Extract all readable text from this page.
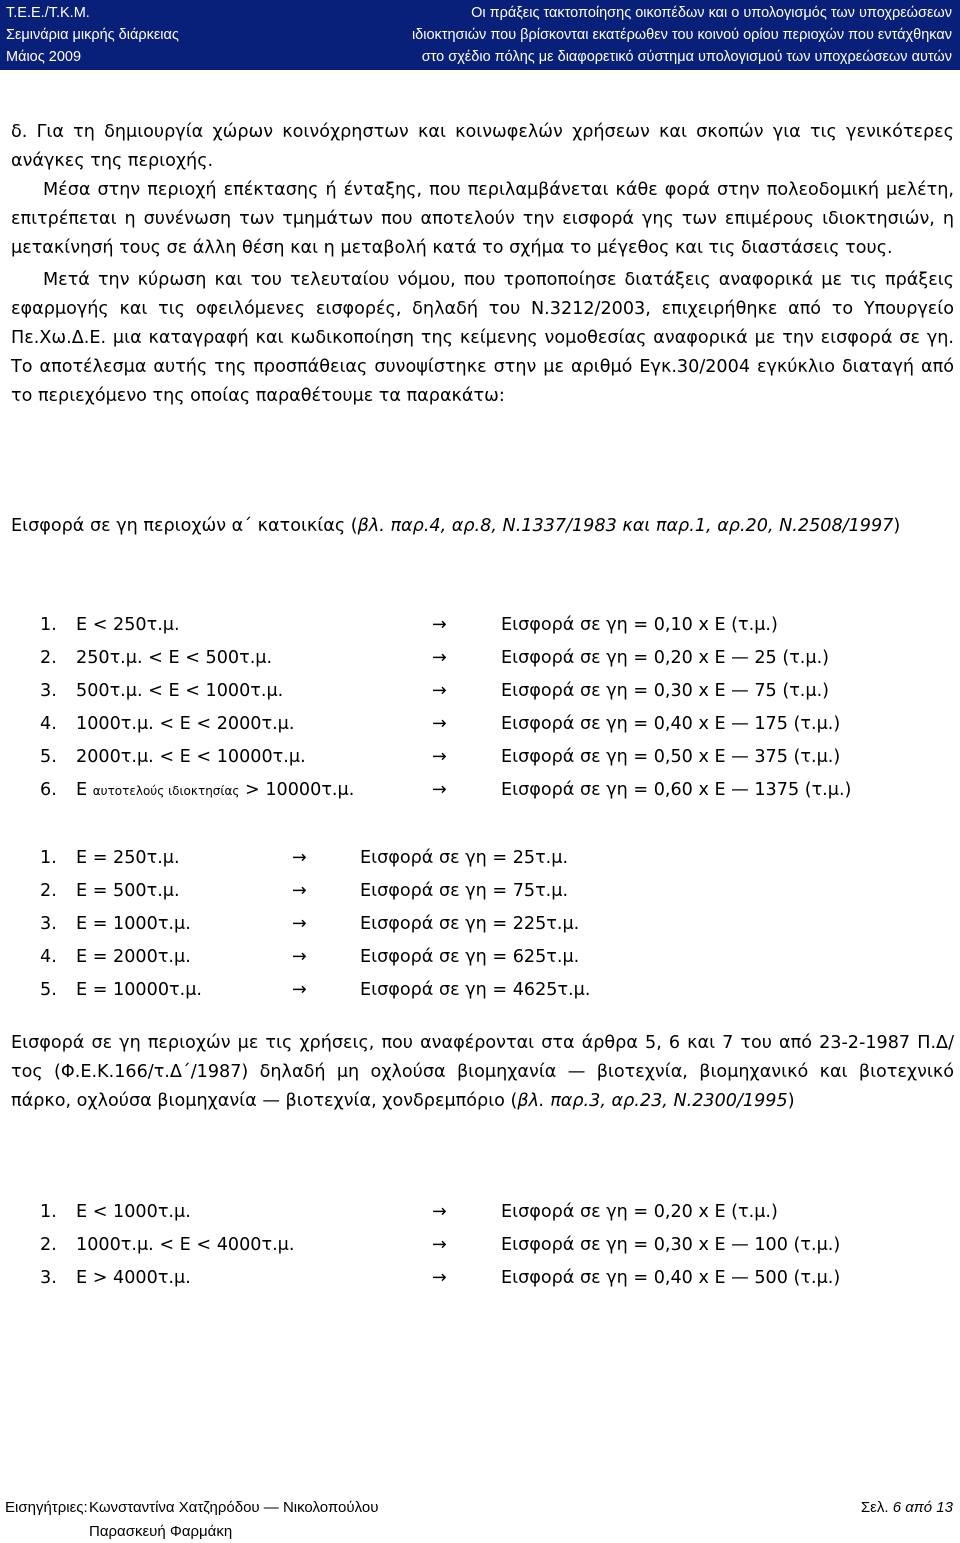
Τ.Ε.Ε./Τ.Κ.Μ.	Οι πράξεις τακτοποίησης οικοπέδων και ο υπολογισμός των υποχρεώσεων
Σεμινάρια μικρής διάρκειας	ιδιοκτησιών που βρίσκονται εκατέρωθεν του κοινού ορίου περιοχών που εντάχθηκαν
Μάιος 2009	στο σχέδιο πόλης με διαφορετικό σύστημα υπολογισμού των υποχρεώσεων αυτών

δ. Για τη δημιουργία χώρων κοινόχρηστων και κοινωφελών χρήσεων και σκοπών για τις γενικότερες ανάγκες της περιοχής.

Μέσα στην περιοχή επέκτασης ή ένταξης, που περιλαμβάνεται κάθε φορά στην πολεοδομική μελέτη, επιτρέπεται η συνένωση των τμημάτων που αποτελούν την εισφορά γης των επιμέρους ιδιοκτησιών, η μετακίνησή τους σε άλλη θέση και η μεταβολή κατά το σχήμα το μέγεθος και τις διαστάσεις τους.

Μετά την κύρωση και του τελευταίου νόμου, που τροποποίησε διατάξεις αναφορικά με τις πράξεις εφαρμογής και τις οφειλόμενες εισφορές, δηλαδή του Ν.3212/2003, επιχειρήθηκε από το Υπουργείο Πε.Χω.Δ.Ε. μια καταγραφή και κωδικοποίηση της κείμενης νομοθεσίας αναφορικά με την εισφορά σε γη. Το αποτέλεσμα αυτής της προσπάθειας συνοψίστηκε στην με αριθμό Εγκ.30/2004 εγκύκλιο διαταγή από το περιεχόμενο της οποίας παραθέτουμε τα παρακάτω:

Εισφορά σε γη περιοχών α΄ κατοικίας (βλ. παρ.4, αρ.8, Ν.1337/1983 και παρ.1, αρ.20, Ν.2508/1997)

1. Ε < 250τ.μ.	→	Εισφορά σε γη = 0,10 x Ε (τ.μ.)
2. 250τ.μ. < Ε < 500τ.μ.	→	Εισφορά σε γη = 0,20 x Ε — 25 (τ.μ.)
3. 500τ.μ. < Ε < 1000τ.μ.	→	Εισφορά σε γη = 0,30 x Ε — 75 (τ.μ.)
4. 1000τ.μ. < Ε < 2000τ.μ.	→	Εισφορά σε γη = 0,40 x Ε — 175 (τ.μ.)
5. 2000τ.μ. < Ε < 10000τ.μ.	→	Εισφορά σε γη = 0,50 x Ε — 375 (τ.μ.)
6. Ε αυτοτελούς ιδιοκτησίας > 10000τ.μ.	→	Εισφορά σε γη = 0,60 x Ε — 1375 (τ.μ.)
1. Ε = 250τ.μ.	→	Εισφορά σε γη = 25τ.μ.
2. Ε = 500τ.μ.	→	Εισφορά σε γη = 75τ.μ.
3. Ε = 1000τ.μ.	→	Εισφορά σε γη = 225τ.μ.
4. Ε = 2000τ.μ.	→	Εισφορά σε γη = 625τ.μ.
5. Ε = 10000τ.μ.	→	Εισφορά σε γη = 4625τ.μ.

Εισφορά σε γη περιοχών με τις χρήσεις, που αναφέρονται στα άρθρα 5, 6 και 7 του από 23-2-1987 Π.Δ/τος (Φ.Ε.Κ.166/τ.Δ΄/1987) δηλαδή μη οχλούσα βιομηχανία — βιοτεχνία, βιομηχανικό και βιοτεχνικό πάρκο, οχλούσα βιομηχανία — βιοτεχνία, χονδρεμπόριο (βλ. παρ.3, αρ.23, Ν.2300/1995)

1. Ε < 1000τ.μ.	→	Εισφορά σε γη = 0,20 x Ε (τ.μ.)
2. 1000τ.μ. < Ε < 4000τ.μ.	→	Εισφορά σε γη = 0,30 x Ε — 100 (τ.μ.)
3. Ε > 4000τ.μ.	→	Εισφορά σε γη = 0,40 x Ε — 500 (τ.μ.)
Εισηγήτριες: Κωνσταντίνα Χατζηρόδου — Νικολοπούλου	Σελ. 6 από 13
Παρασκευή Φαρμάκη
